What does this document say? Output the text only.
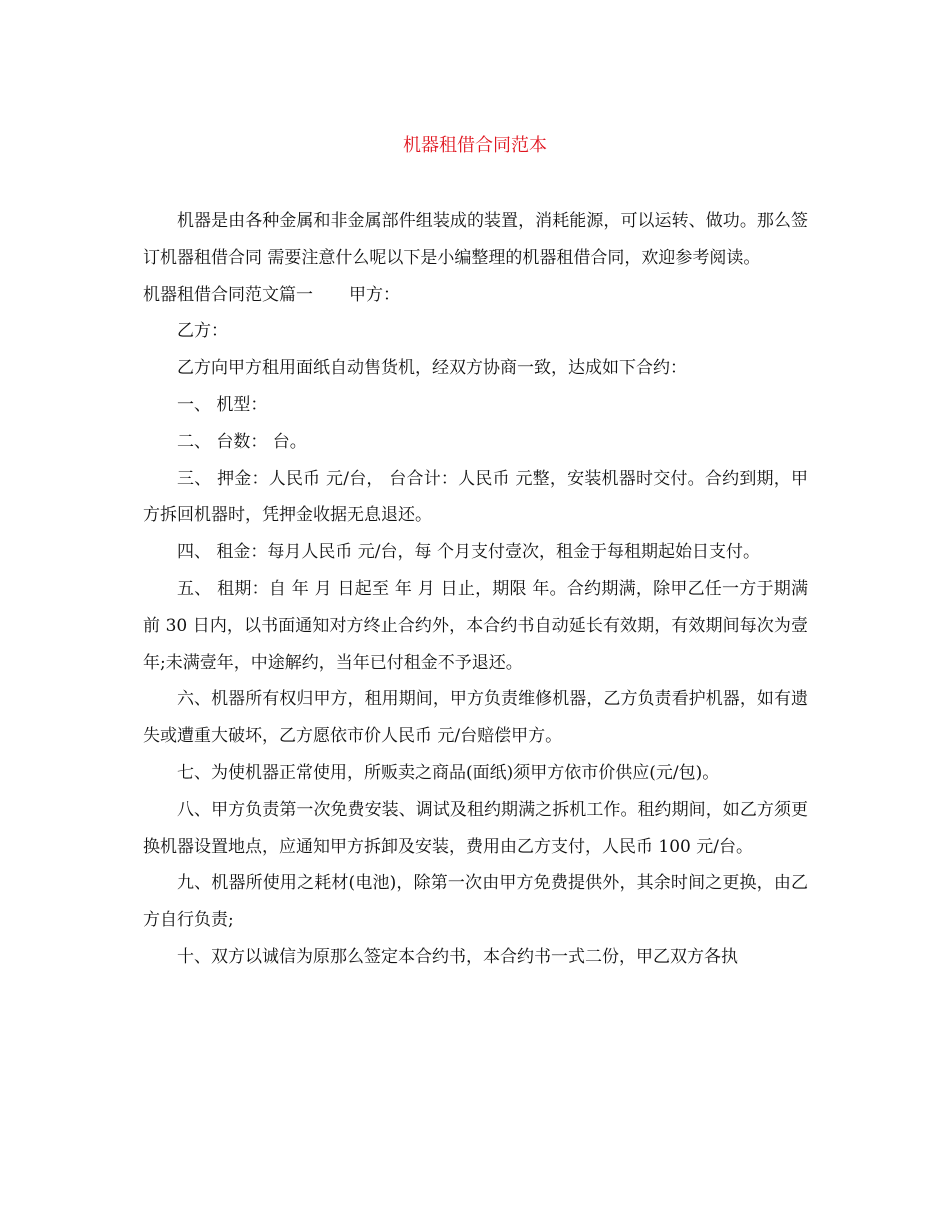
机器租借合同范本

机器是由各种金属和非金属部件组装成的装置，消耗能源，可以运转、做功。那么签订机器租借合同 需要注意什么呢以下是小编整理的机器租借合同，欢迎参考阅读。

机器租借合同范文篇一 甲方：

乙方：

乙方向甲方租用面纸自动售货机，经双方协商一致，达成如下合约：

一、 机型：

二、 台数： 台。

三、 押金：人民币 元/台， 台合计：人民币 元整，安装机器时交付。合约到期，甲方拆回机器时，凭押金收据无息退还。

四、 租金：每月人民币 元/台，每 个月支付壹次，租金于每租期起始日支付。

五、 租期：自 年 月 日起至 年 月 日止，期限 年。合约期满，除甲乙任一方于期满前 30 日内，以书面通知对方终止合约外，本合约书自动延长有效期，有效期间每次为壹年;未满壹年，中途解约，当年已付租金不予退还。

六、机器所有权归甲方，租用期间，甲方负责维修机器，乙方负责看护机器，如有遗失或遭重大破坏，乙方愿依市价人民币 元/台赔偿甲方。

七、为使机器正常使用，所贩卖之商品(面纸)须甲方依市价供应(元/包)。

八、甲方负责第一次免费安装、调试及租约期满之拆机工作。租约期间，如乙方须更换机器设置地点，应通知甲方拆卸及安装，费用由乙方支付，人民币 100 元/台。

九、机器所使用之耗材(电池)，除第一次由甲方免费提供外，其余时间之更换，由乙方自行负责;

十、双方以诚信为原那么签定本合约书，本合约书一式二份，甲乙双方各执
